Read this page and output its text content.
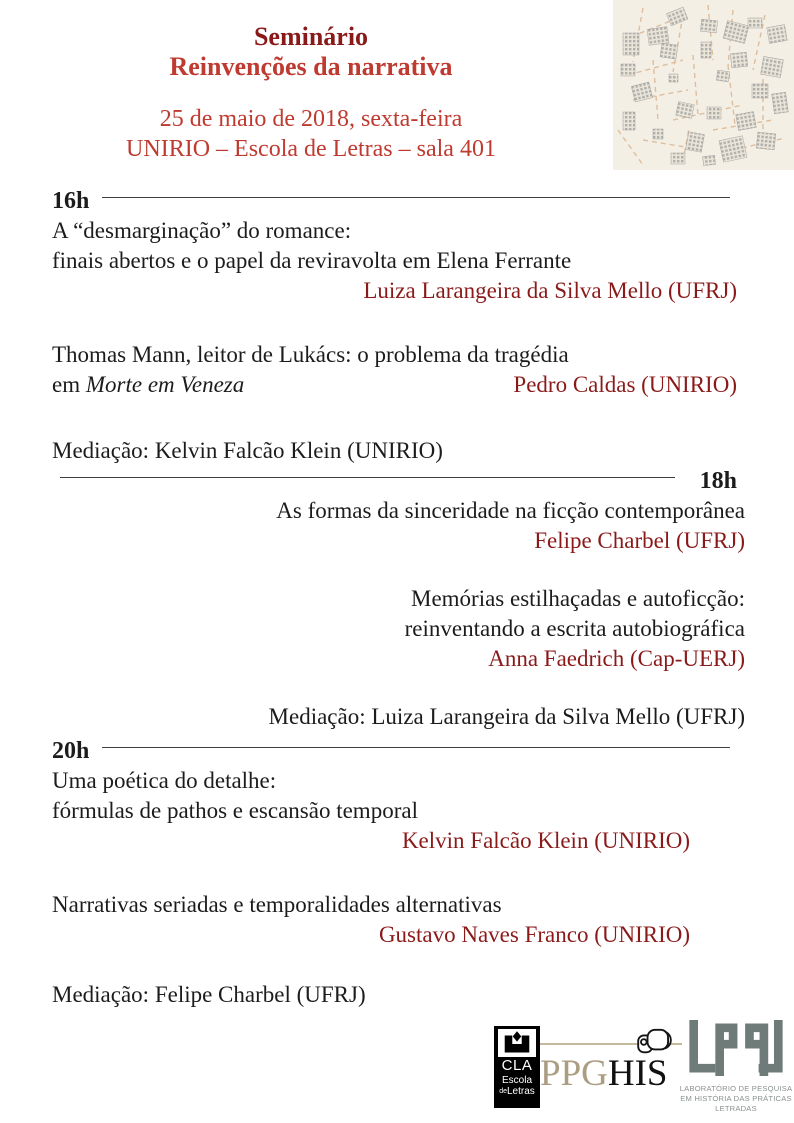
Seminário
Reinvenções da narrativa
25 de maio de 2018, sexta-feira
UNIRIO – Escola de Letras – sala 401
16h
A “desmarginação” do romance:
finais abertos e o papel da reviravolta em Elena Ferrante
Luiza Larangeira da Silva Mello (UFRJ)
Thomas Mann, leitor de Lukács: o problema da tragédia
em Morte em Veneza	Pedro Caldas (UNIRIO)
Mediação: Kelvin Falcão Klein (UNIRIO)
18h
As formas da sinceridade na ficção contemporânea
Felipe Charbel (UFRJ)
Memórias estilhaçadas e autoficção:
reinventando a escrita autobiográfica
Anna Faedrich (Cap-UERJ)
Mediação: Luiza Larangeira da Silva Mello (UFRJ)
20h
Uma poética do detalhe:
fórmulas de pathos e escansão temporal
Kelvin Falcão Klein (UNIRIO)
Narrativas seriadas e temporalidades alternativas
Gustavo Naves Franco (UNIRIO)
Mediação: Felipe Charbel (UFRJ)
CLA
Escola
deLetras PPGHIS	LABORATÓRIO DE PESQUISA
EM HISTÓRIA DAS PRÁTICAS
LETRADAS
